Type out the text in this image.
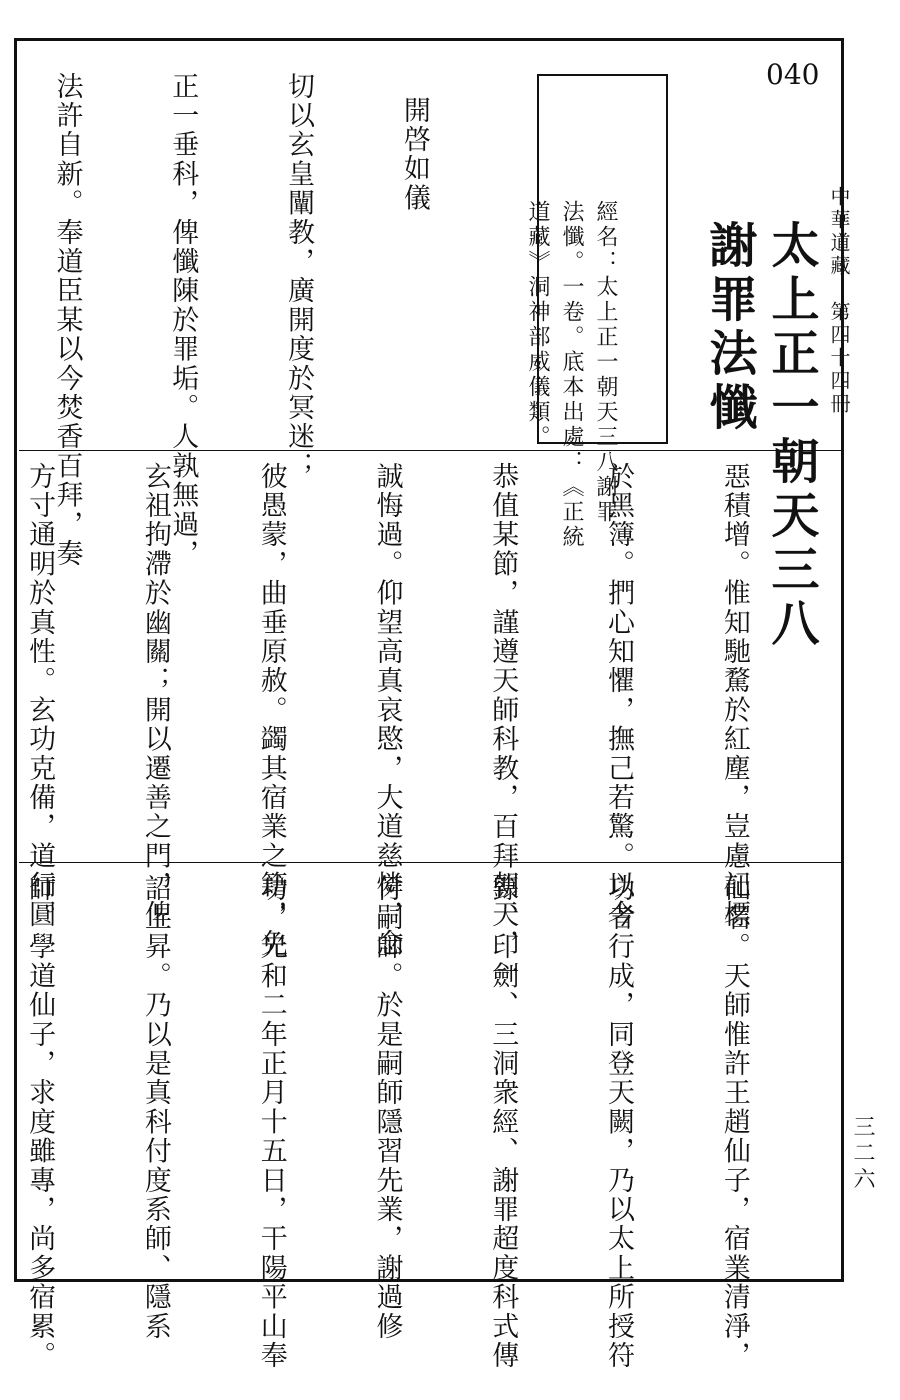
中華道藏　第四十四冊

三二六
040

太上正一朝天三八
謝罪法懺

經名：太上正一朝天三八謝罪
法懺。一卷。底本出處：《正統
道藏》洞神部威儀類。

開啓如儀

切以玄皇闡教，廣開度於冥迷；

正一垂科，俾懺陳於罪垢。人孰無過，

法許自新。奉道臣某以今焚香百拜，奏

惡積增。惟知馳騖於紅塵，豈慮記標

於黑簿。捫心知懼，撫己若驚。以今

恭值某節，謹遵天師科教，百拜朝天，一

誠悔過。仰望高真哀愍，大道慈憐，念

彼愚蒙，曲垂原赦。蠲其宿業之籍，免

玄祖拘滯於幽關；開以遷善之門，俾

方寸通明於真性。玄功克備，道行圓

仙名。天師惟許王趙仙子，宿業清淨，

功者行成，同登天闕，乃以太上所授符

籙、印劍、三洞衆經、謝罪超度科式傳

付嗣師。於是嗣師隱習先業，謝過修

功，光和二年正月十五日，干陽平山奉

詔上昇。乃以是真科付度系師、隱系

師。學道仙子，求度雖專，尚多宿累。
